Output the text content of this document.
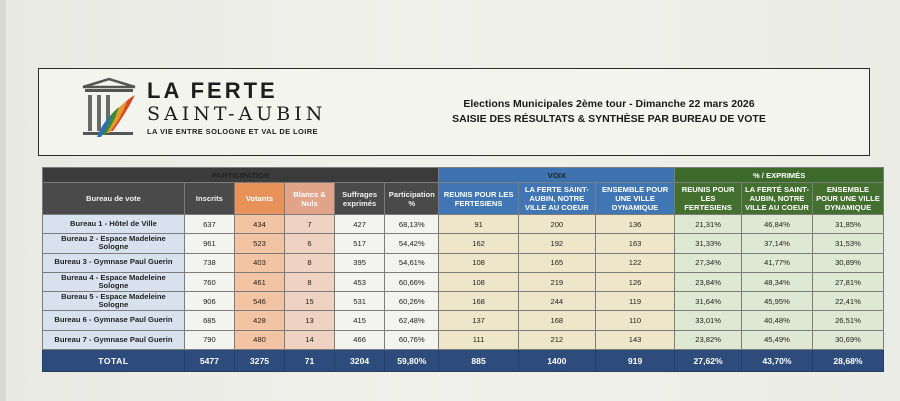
LA FERTE
SAINT-AUBIN
LA VIE ENTRE SOLOGNE ET VAL DE LOIRE
Elections Municipales 2ème tour - Dimanche 22 mars 2026
SAISIE DES RÉSULTATS & SYNTHÈSE PAR BUREAU DE VOTE
PARTICIPATION						VOIX			% / EXPRIMÉS		
Bureau de vote	Inscrits	Votants	Blancs & Nuls	Suffrages exprimés	Participation %	REUNIS POUR LES FERTESIENS	LA FERTE SAINT-AUBIN, NOTRE VILLE AU COEUR	ENSEMBLE POUR UNE VILLE DYNAMIQUE	REUNIS POUR LES FERTESIENS	LA FERTÉ SAINT-AUBIN, NOTRE VILLE AU COEUR	ENSEMBLE POUR UNE VILLE DYNAMIQUE
Bureau 1 - Hôtel de Ville	637	434	7	427	68,13%	91	200	136	21,31%	46,84%	31,85%
Bureau 2 - Espace Madeleine Sologne	961	523	6	517	54,42%	162	192	163	31,33%	37,14%	31,53%
Bureau 3 - Gymnase Paul Guerin	738	403	8	395	54,61%	108	165	122	27,34%	41,77%	30,89%
Bureau 4 - Espace Madeleine Sologne	760	461	8	453	60,66%	108	219	126	23,84%	48,34%	27,81%
Bureau 5 - Espace Madeleine Sologne	906	546	15	531	60,26%	168	244	119	31,64%	45,95%	22,41%
Bureau 6 - Gymnase Paul Guerin	685	428	13	415	62,48%	137	168	110	33,01%	40,48%	26,51%
Bureau 7 - Gymnase Paul Guerin	790	480	14	466	60,76%	111	212	143	23,82%	45,49%	30,69%
TOTAL	5477	3275	71	3204	59,80%	885	1400	919	27,62%	43,70%	28,68%
